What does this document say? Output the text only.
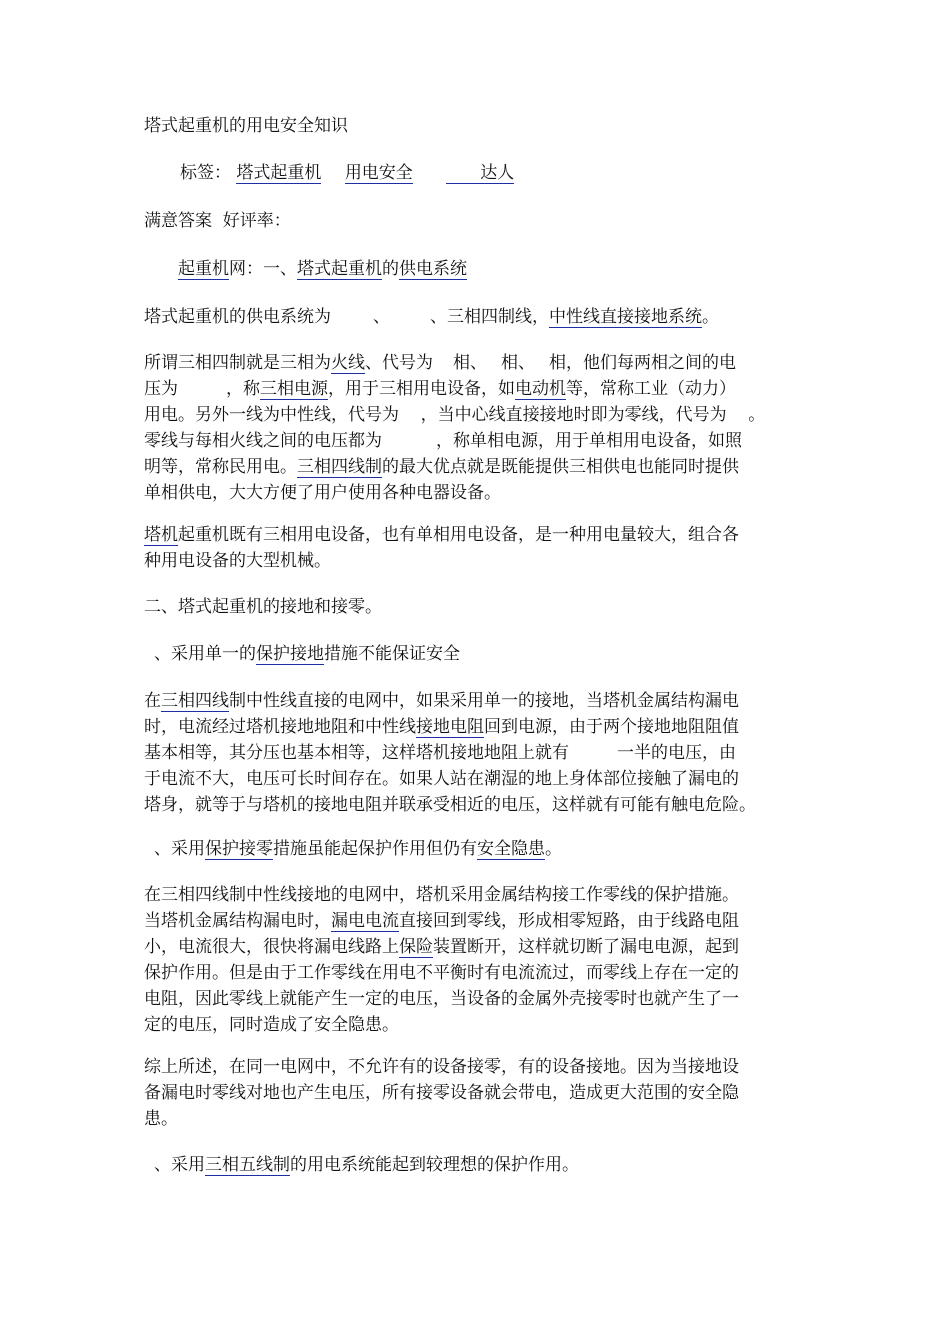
塔式起重机的用电安全知识
标签： 塔式起重机 用电安全	达人
满意答案  好评率：
起重机网：一、塔式起重机的供电系统
塔式起重机的供电系统为 、 、三相四制线，中性线直接接地系统。
所谓三相四制就是三相为火线、代号为 相、 相、 相，他们每两相之间的电
压为	，称三相电源，用于三相用电设备，如电动机等，常称工业（动力）
用电。另外一线为中性线，代号为    ，当中心线直接接地时即为零线，代号为    。
零线与每相火线之间的电压都为          ，称单相电源，用于单相用电设备，如照
明等，常称民用电。三相四线制的最大优点就是既能提供三相供电也能同时提供
单相供电，大大方便了用户使用各种电器设备。
塔机起重机既有三相用电设备，也有单相用电设备，是一种用电量较大，组合各
种用电设备的大型机械。
二、塔式起重机的接地和接零。
、采用单一的保护接地措施不能保证安全
在三相四线制中性线直接的电网中，如果采用单一的接地，当塔机金属结构漏电
时，电流经过塔机接地地阻和中性线接地电阻回到电源，由于两个接地地阻阻值
基本相等，其分压也基本相等，这样塔机接地地阻上就有	一半的电压，由
于电流不大，电压可长时间存在。如果人站在潮湿的地上身体部位接触了漏电的
塔身，就等于与塔机的接地电阻并联承受相近的电压，这样就有可能有触电危险。
、采用保护接零措施虽能起保护作用但仍有安全隐患。
在三相四线制中性线接地的电网中，塔机采用金属结构接工作零线的保护措施。
当塔机金属结构漏电时，漏电电流直接回到零线，形成相零短路，由于线路电阻
小，电流很大，很快将漏电线路上保险装置断开，这样就切断了漏电电源，起到
保护作用。但是由于工作零线在用电不平衡时有电流流过，而零线上存在一定的
电阻，因此零线上就能产生一定的电压，当设备的金属外壳接零时也就产生了一
定的电压，同时造成了安全隐患。
综上所述，在同一电网中，不允许有的设备接零，有的设备接地。因为当接地设
备漏电时零线对地也产生电压，所有接零设备就会带电，造成更大范围的安全隐
患。
、采用三相五线制的用电系统能起到较理想的保护作用。
